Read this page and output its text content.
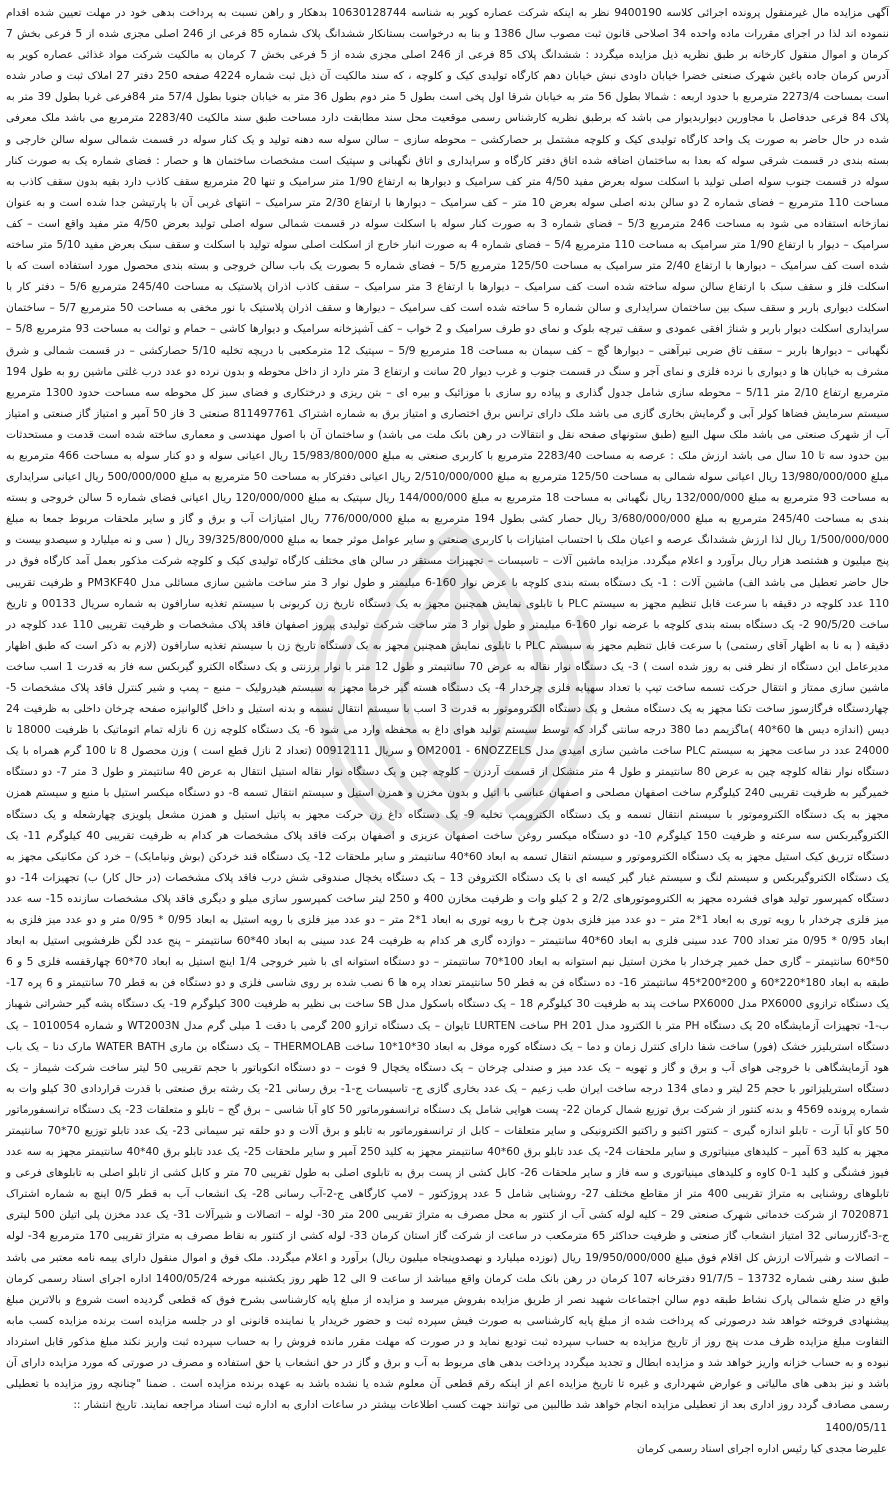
آگهی مزایده مال غیرمنقول پرونده اجرائی کلاسه 9400190 نظر به اینکه شرکت عصاره کویر به شناسه 10630128744 بدهکار و راهن نسبت به پرداخت بدهی خود در مهلت تعیین شده اقدام ننموده اند لذا در اجرای مقررات ماده واحده 34 اصلاحی قانون ثبت مصوب سال 1386 و بنا به درخواست بستانکار ششدانگ پلاک شماره 85 فرعی از 246 اصلی مجزی شده از 5 فرعی بخش 7 کرمان و اموال منقول کارخانه بر طبق نظریه ذیل مزایده میگردد : ششدانگ پلاک 85 فرعی از 246 اصلی مجزی شده از 5 فرعی بخش 7 کرمان به مالکیت شرکت مواد غذائی عصاره کویر به آدرس کرمان جاده باغین شهرک صنعتی خضرا خیابان داودی نبش خیابان دهم کارگاه تولیدی کیک و کلوچه ، که سند مالکیت آن ذیل ثبت شماره 4224 صفحه 250 دفتر 27 املاک ثبت و صادر شده است بمساحت 2273/4 مترمربع با حدود اربعه : شمالا بطول 56 متر به خیابان شرقا اول پخی است بطول 5 متر دوم بطول 36 متر به خیابان جنوبا بطول 57/4 متر 84فرعی غربا بطول 39 متر به پلاک 84 فرعی حدفاصل با مجاورین دیواربدیوار می باشد که برطبق نظریه کارشناس رسمی موقعیت محل سند مطابقت دارد مساحت طبق سند مالکیت 2283/40 مترمربع می باشد ملک معرفی شده در حال حاضر به صورت یک واحد کارگاه تولیدی کیک و کلوچه مشتمل بر حصارکشی – محوطه سازی – سالن سوله سه دهنه تولید و یک کنار سوله در قسمت شمالی سوله سالن خارجی و بسته بندی در قسمت شرقی سوله که بعدا به ساختمان اضافه شده اتاق دفتر کارگاه و سرایداری و اتاق نگهبانی و سپتیک است مشخصات ساختمان ها و حصار : فضای شماره یک به صورت کنار سوله در قسمت جنوب سوله اصلی تولید با اسکلت سوله بعرض مفید 4/50 متر کف سرامیک و دیوارها به ارتفاع 1/90 متر سرامیک و تنها 20 مترمربع سقف کاذب دارد بقیه بدون سقف کاذب به مساحت 110 مترمربع – فضای شماره 2 دو سالن بدنه اصلی سوله بعرض 10 متر – کف سرامیک – دیوارها با ارتفاع 2/30 متر سرامیک – انتهای غربی آن با پارتیشن جدا شده است و به عنوان نمازخانه استفاده می شود به مساحت 246 مترمربع 5/3 – فضای شماره 3 به صورت کنار سوله با اسکلت سوله در قسمت شمالی سوله اصلی تولید بعرض 4/50 متر مفید واقع است – کف سرامیک – دیوار با ارتفاع 1/90 متر سرامیک به مساحت 110 مترمربع 5/4 – فضای شماره 4 به صورت انبار خارج از اسکلت اصلی سوله تولید با اسکلت و سقف سبک بعرض مفید 5/10 متر ساخته شده است کف سرامیک – دیوارها با ارتفاع 2/40 متر سرامیک به مساحت 125/50 مترمربع 5/5 – فضای شماره 5 بصورت یک باب سالن خروجی و بسته بندی محصول مورد استفاده است که با اسکلت فلز و سقف سبک با ارتفاع سالن سوله ساخته شده است کف سرامیک – دیوارها با ارتفاع 3 متر سرامیک – سقف کاذب اذران پلاستیک به مساحت 245/40 مترمربع 5/6 – دفتر کار با اسکلت دیواری باربر و سقف سبک بین ساختمان سرایداری و سالن شماره 5 ساخته شده است کف سرامیک – دیوارها و سقف اذران پلاستیک با نور مخفی به مساحت 50 مترمربع 5/7 – ساختمان سرایداری اسکلت دیوار باربر و شناژ افقی عمودی و سقف تیرچه بلوک و نمای دو طرف سرامیک و 2 خواب – کف آشپزخانه سرامیک و دیوارها کاشی – حمام و توالت به مساحت 93 مترمربع 5/8 – نگهبانی – دیوارها باربر – سقف تاق ضربی تیرآهنی – دیوارها گچ – کف سیمان به مساحت 18 مترمربع 5/9 – سپتیک 12 مترمکعبی با دریچه تخلیه 5/10 حصارکشی – در قسمت شمالی و شرق مشرف به خیابان ها و دیواری با نرده فلزی و نمای آجر و سنگ در قسمت جنوب و غرب دیوار 20 سانت و ارتفاع 3 متر دارد از داخل محوطه و بدون نرده دو عدد درب غلتی ماشین رو به طول 194 مترمربع ارتفاع 2/10 متر 5/11 – محوطه سازی شامل جدول گذاری و پیاده رو سازی با موزائیک و بیره ای – بتن ریزی و درختکاری و فضای سبز کل محوطه سه مساحت حدود 1300 مترمربع سیستم سرمایش فضاها کولر آبی و گرمایش بخاری گازی می باشد ملک دارای ترانس برق اختصاری و امتیاز برق به شماره اشتراک 811497761 صنعتی 3 فاز 50 آمپر و امتیاز گاز صنعتی و امتیاز آب از شهرک صنعتی می باشد ملک سهل البیع (طبق ستونهای صفحه نقل و انتقالات در رهن بانک ملت می باشد) و ساختمان آن با اصول مهندسی و معماری ساخته شده است قدمت و مستحدثات بین حدود سه تا 10 سال می باشد ارزش ملک : عرصه به مساحت 2283/40 مترمربع با کاربری صنعتی به مبلغ 15/983/800/000 ریال اعیانی سوله و دو کنار سوله به مساحت 466 مترمربع به مبلغ 13/980/000/000 ریال اعیانی سوله شمالی به مساحت 125/50 مترمربع به مبلغ 2/510/000/000 ریال اعیانی دفترکار به مساحت 50 مترمربع به مبلغ 500/000/000 ریال اعیانی سرایداری به مساحت 93 مترمربع به مبلغ 132/000/000 ریال نگهبانی به مساحت 18 مترمربع به مبلغ 144/000/000 ریال سپتیک به مبلغ 120/000/000 ریال اعیانی فضای شماره 5 سالن خروجی و بسته بندی به مساحت 245/40 مترمربع به مبلغ 3/680/000/000 ریال حصار کشی بطول 194 مترمربع به مبلغ 776/000/000 ریال امتیازات آب و برق و گاز و سایر ملحقات مربوط جمعا به مبلغ 1/500/000/000 ریال لذا ارزش ششدانگ عرصه و اعیان ملک با احتساب امتیازات با کاربری صنعتی و سایر عوامل موثر جمعا به مبلغ 39/325/800/000 ریال ( سی و نه میلیارد و سیصدو بیست و پنج میلیون و هشتصد هزار ریال برآورد و اعلام میگردد. مزایده ماشین آلات – تاسیسات – تجهیزات مستقر در سالن های مختلف کارگاه تولیدی کیک و کلوچه شرکت مذکور بعمل آمد کارگاه فوق در حال حاضر تعطیل می باشد الف) ماشین آلات : 1- یک دستگاه بسته بندی کلوچه با عرض نوار 160-6 میلیمتر و طول نوار 3 متر ساخت ماشین سازی مسائلی مدل PM3KF40 و ظرفیت تقریبی 110 عدد کلوچه در دقیقه با سرعت قابل تنظیم مجهز به سیستم PLC با تابلوی نمایش همچنین مجهز به یک دستگاه تاریخ زن کربونی با سیستم تغذیه سارافون به شماره سریال 00133 و تاریخ ساخت 90/5/20 2- یک دستگاه بسته بندی کلوچه با عرضه نوار 160-6 میلیمتر و طول نوار 3 متر ساخت شرکت تولیدی پیروز اصفهان فاقد پلاک مشخصات و ظرفیت تقریبی 110 عدد کلوچه در دقیقه ( به نا به اظهار آقای رستمی) با سرعت قابل تنظیم مجهز به سیستم PLC با تابلوی نمایش همچنین مجهز به یک دستگاه تاریخ زن با سیستم تغذیه سارافون (لازم به ذکر است که طبق اظهار مدیرعامل این دستگاه از نظر فنی به روز شده است ) 3- یک دستگاه نوار نقاله به عرض 70 سانتیمتر و طول 12 متر با نوار برزنتی و یک دستگاه الکترو گیربکس سه فاز به قدرت 1 اسب ساخت ماشین سازی ممتاز و انتقال حرکت تسمه ساخت تیپ با تعداد سهپایه فلزی چرخدار 4- یک دستگاه هسته گیر خرما مجهز به سیستم هیدرولیک – منبع – پمپ و شیر کنترل فاقد پلاک مشخصات 5- چهاردستگاه فرگازسوز ساخت تکنا مجهز به یک دستگاه مشعل و یک دستگاه الکتروموتور به قدرت 3 اسب با سیستم انتقال تسمه و بدنه استیل و داخل گالوانیزه صفحه چرخان داخلی به ظرفیت 24 دیس (اندازه دیس ها 60*40 )ماگزیمم دما 380 درجه سانتی گراد که توسط سیستم تولید هوای داغ به محفظه وارد می شود 6- یک دستگاه کلوچه زن 6 نازله تمام اتوماتیک با ظرفیت 18000 تا 24000 عدد در ساعت مجهز به سیستم PLC ساخت ماشین سازی امیدی مدل OM2001 - 6NOZZELS و سریال 00912111 (تعداد 2 نازل قطع است ) وزن محصول 8 تا 100 گرم همراه با یک دستگاه نوار نقاله کلوچه چین به عرض 80 سانتیمتر و طول 4 متر متشکل از قسمت آردزن – کلوچه چین و یک دستگاه نوار نقاله استیل انتقال به عرض 40 سانتیمتر و طول 3 متر 7- دو دستگاه خمیرگیر به ظرفیت تقریبی 240 کیلوگرم ساخت اصفهان مصلحی و اصفهان عباسی با اتیل و بدون مخزن و همزن استیل و سیستم انتقال تسمه 8- دو دستگاه میکسر استیل با منبع و سیستم همزن مجهز به یک دستگاه الکتروموتور با سیستم انتقال تسمه و یک دستگاه الکتروپمپ تخلیه 9- یک دستگاه داغ زن حرکت مجهز به پاتیل استیل و همزن مشعل پلویزی چهارشعله و یک دستگاه الکتروگیربکس سه سرعته و ظرفیت 150 کیلوگرم 10- دو دستگاه میکسر روغن ساخت اصفهان عزیزی و اصفهان برکت فاقد پلاک مشخصات هر کدام به ظرفیت تقریبی 40 کیلوگرم 11- یک دستگاه تزریق کیک استیل مجهز به یک دستگاه الکتروموتور و سیستم انتقال تسمه به ابعاد 60*40 سانتیمتر و سایر ملحقات 12- یک دستگاه قند خردکن (بوش ونیامایک) – خرد کن مکانیکی مجهز به یک دستگاه الکتروگیربکس و سیستم لنگ و سیستم غبار گیر کیسه ای با یک دستگاه الکتروفن 13 – یک دستگاه یخچال صندوقی شش درب فاقد پلاک مشخصات (در حال کار) ب) تجهیزات 14- دو دستگاه کمپرسور تولید هوای فشرده مجهز به الکتروموتورهای 2/2 و 2 کیلو وات و ظرفیت مخازن 400 و 250 لیتر ساخت کمپرسور سازی میلو و دیگری فاقد پلاک مشخصات سازنده 15- سه عدد میز فلزی چرخدار با رویه توری به ابعاد 1*2 متر – دو عدد میز فلزی بدون چرخ با رویه توری به ابعاد 1*2 متر – دو عدد میز فلزی با رویه استیل به ابعاد 0/95 * 0/95 متر و دو عدد میز فلزی به ابعاد 0/95 * 0/95 متر تعداد 700 عدد سینی فلزی به ابعاد 60*40 سانتیمتر – دوازده گاری هر کدام به ظرفیت 24 عدد سینی به ابعاد 40*60 سانتیمتر – پنج عدد لگن ظرفشویی استیل به ابعاد 50*60 سانتیمتر – گاری حمل خمیر چرخدار با مخزن استیل نیم استوانه به ابعاد 100*70 سانتیمتر – دو دستگاه استوانه ای با شیر خروجی 1/4 اینچ استیل به ابعاد 70*60 چهارقفسه فلزی 5 و 6 طبقه به ابعاد 180*220*60 و 200*200*45 سانتیمتر 16- ده دستگاه فن به قطر 50 سانتیمتر تعداد پره ها 6 نصب شده بر روی شاسی فلزی و دو دستگاه فن به قطر 70 سانتیمتر و 6 پره 17- یک دستگاه ترازوی PX6000 مدل PX6000 ساخت پند به ظرفیت 30 کیلوگرم 18 – یک دستگاه باسکول مدل SB ساخت بی نظیر به ظرفیت 300 کیلوگرم 19- یک دستگاه پشه گیر حشراتی شهباز ب-1- تجهیزات آزمایشگاه 20 یک دستگاه PH متر با الکترود مدل PH 201 ساخت LURTEN تایوان – یک دستگاه ترازو 200 گرمی با دقت 1 میلی گرم مدل WT2003N و شماره 1010054 – یک دستگاه استریلیزر خشک (فور) ساخت شفا دارای کنترل زمان و دما – یک دستگاه کوره موفل به ابعاد 30*10*10 ساخت THERMOLAB – یک دستگاه بن ماری WATER BATH مارک دنا – یک باب هود آزمایشگاهی با خروجی هوای آب و برق و گاز و تهویه – یک عدد میز و صندلی چرخان – یک دستگاه یخچال 9 فوت – دو دستگاه انکوباتور با حجم تقریبی 50 لیتر ساخت شرکت شیماز – یک دستگاه استریلیزاتور با حجم 25 لیتر و دمای 134 درجه ساخت ایران طب زعیم – یک عدد بخاری گازی ج- تاسیسات ج-1- برق رسانی 21- یک رشته برق صنعتی با قدرت قراردادی 30 کیلو وات به شماره پرونده 4569 و بدنه کنتور از شرکت برق توزیع شمال کرمان 22- پست هوایی شامل یک دستگاه ترانسفورماتور 50 کاو آبا شاسی – برق گج – تابلو و متعلقات 23- یک دستگاه ترانسفورماتور 50 کاو آبا آرت - تابلو اندازه گیری – کنتور اکتیو و راکتیو الکترونیکی و سایر متعلقات – کابل از ترانسفورماتور به تابلو و برق آلات و دو حلقه تیر سیمانی 23- یک عدد تابلو توزیع 70*70 سانتیمتر مجهز به کلید 63 آمپر – کلیدهای مینیاتوری و سایر ملحقات 24- یک عدد تابلو برق 60*40 سانتیمتر مجهز به کلید 250 آمپر و سایر ملحقات 25- یک عدد تابلو برق 40*40 سانتیمتر مجهز به سه عدد فیوز فشنگی و کلید 1-0 کاوه و کلیدهای مینیاتوری و سه فاز و سایر ملحقات 26- کابل کشی از پست برق به تابلوی اصلی به طول تقریبی 70 متر و کابل کشی از تابلو اصلی به تابلوهای فرعی و تابلوهای روشنایی به متراژ تقریبی 400 متر از مقاطع مختلف 27- روشنایی شامل 5 عدد پروژکتور – لامپ کارگاهی ج-2-آب رسانی 28- یک انشعاب آب به قطر 0/5 اینچ به شماره اشتراک 7020871 از شرکت خدماتی شهرک صنعتی 29 – کلیه لوله کشی آب از کنتور به محل مصرف به متراژ تقریبی 200 متر 30- لوله – اتصالات و شیرآلات 31- یک عدد مخزن پلی اتیلن 500 لیتری ج-3-گازرسانی 32 امتیاز انشعاب گاز صنعتی و ظرفیت حداکثر 65 مترمکعب در ساعت از شرکت گاز استان کرمان 33- لوله کشی از کنتور به نقاط مصرف به متراژ تقریبی 170 مترمربع 34- لوله – اتصالات و شیرآلات ارزش کل اقلام فوق مبلغ 19/950/000/000 ریال (نوزده میلیارد و نهصدوپنجاه میلیون ریال) برآورد و اعلام میگردد. ملک فوق و اموال منقول دارای بیمه نامه معتبر می باشد طبق سند رهنی شماره 13732 – 91/7/5 دفترخانه 107 کرمان در رهن بانک ملت کرمان واقع میباشد از ساعت 9 الی 12 ظهر روز یکشنبه مورخه 1400/05/24 اداره اجرای اسناد رسمی کرمان واقع در ضلع شمالی پارک نشاط طبقه دوم سالن اجتماعات شهید نصر از طریق مزایده بفروش میرسد و مزایده از مبلغ پایه کارشناسی بشرح فوق که قطعی گردیده است شروع و بالاترین مبلغ پیشنهادی فروخته خواهد شد درصورتی که پرداخت شده از مبلغ پایه کارشناسی به صورت فیش سپرده ثبت و حضور خریدار یا نماینده قانونی او در جلسه مزایده است برنده مزایده کسب مابه التفاوت مبلغ مزایده ظرف مدت پنج روز از تاریخ مزایده به حساب سپرده ثبت تودیع نماید و در صورت که مهلت مقرر مانده فروش را به حساب سپرده ثبت واریز نکند مبلغ مذکور قابل استرداد نبوده و به حساب خزانه واریز خواهد شد و مزایده ابطال و تجدید میگردد پرداخت بدهی های مربوط به آب و برق و گاز در حق انشعاب یا حق استفاده و مصرف در صورتی که مورد مزایده دارای آن باشد و نیز بدهی های مالیاتی و عوارض شهرداری و غیره تا تاریخ مزایده اعم از اینکه رقم قطعی آن معلوم شده یا نشده باشد به عهده برنده مزایده است . ضمنا "چنانچه روز مزایده با تعطیلی رسمی مصادف گردد روز اداری بعد از تعطیلی مزایده انجام خواهد شد طالبین می توانند جهت کسب اطلاعات بیشتر در ساعات اداری به اداره ثبت اسناد مراجعه نمایند. تاریخ انتشار ::

1400/05/11
علیرضا مجدی کیا رئیس اداره اجرای اسناد رسمی کرمان
